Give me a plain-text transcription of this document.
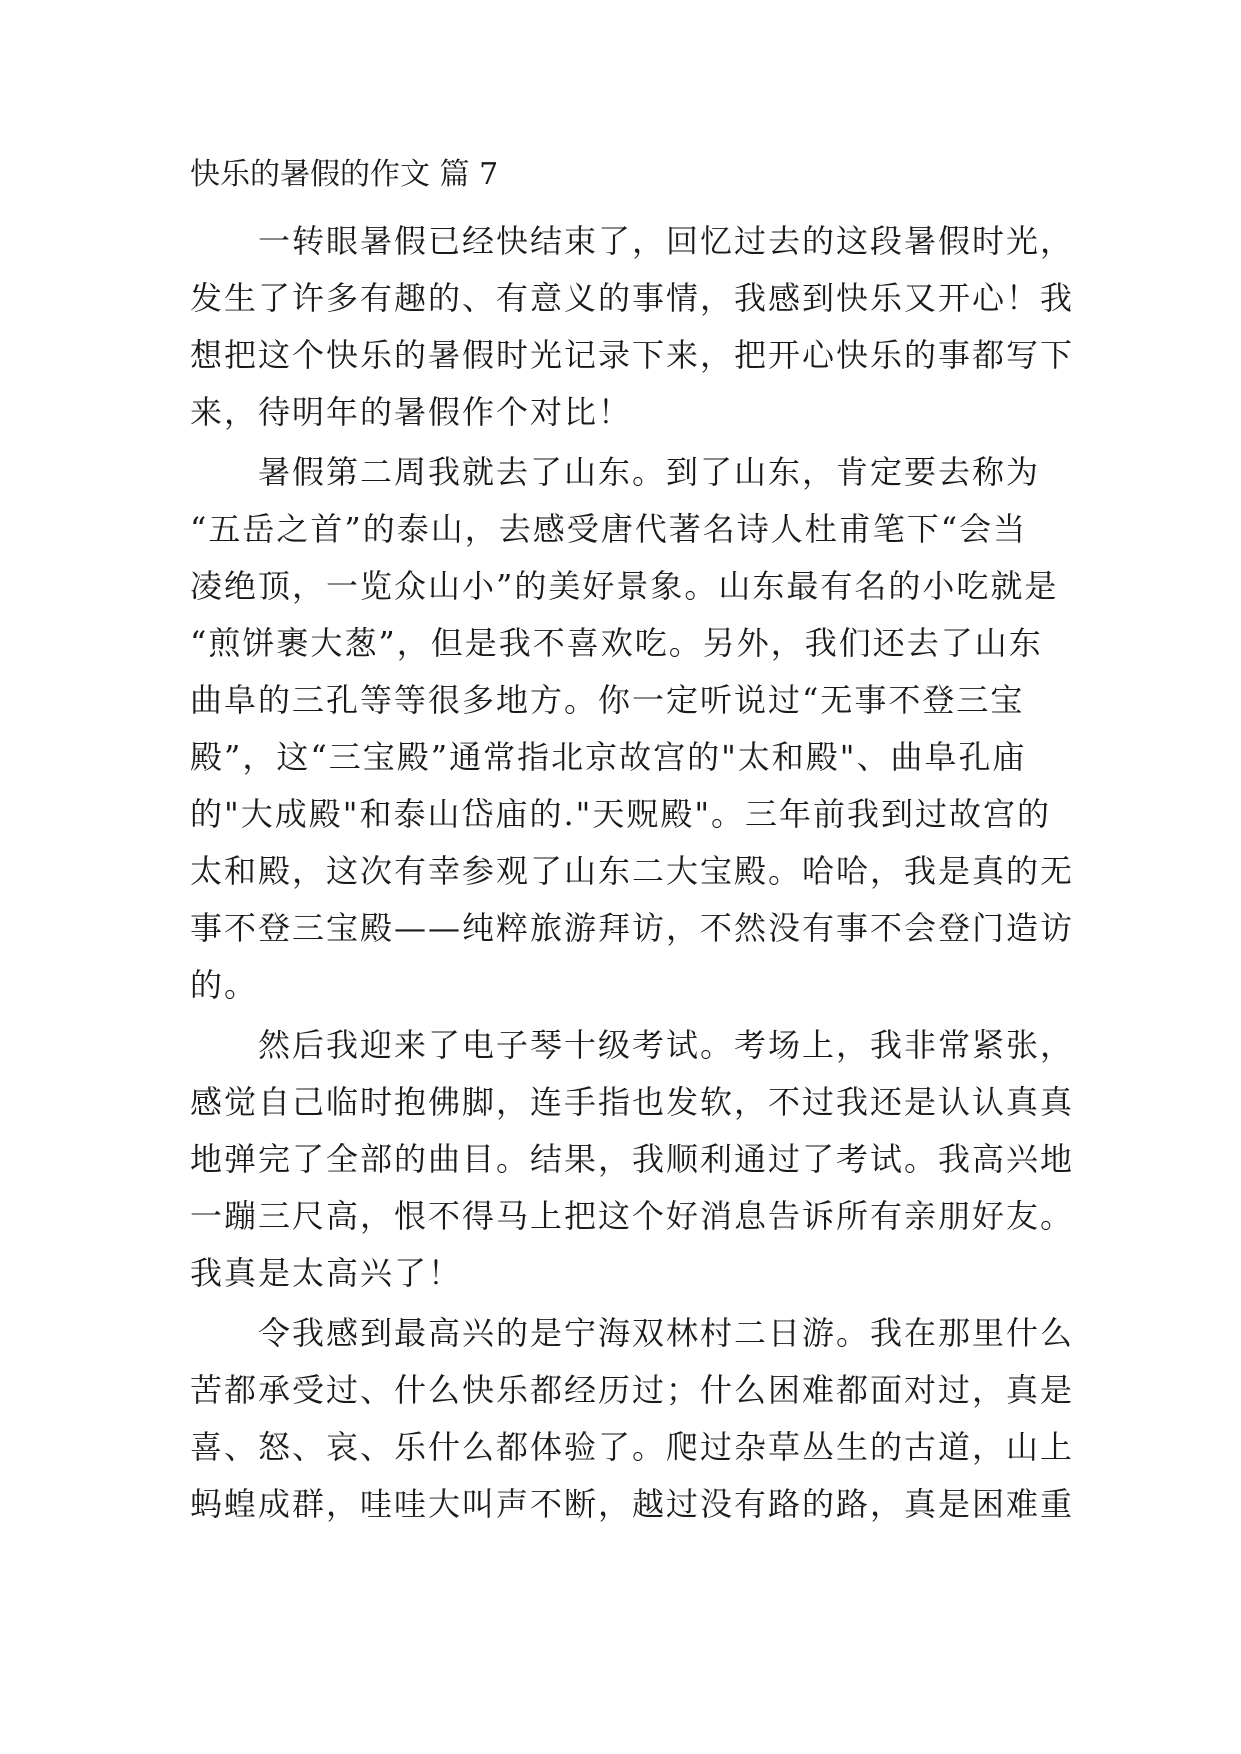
快乐的暑假的作文 篇 7
一转眼暑假已经快结束了，回忆过去的这段暑假时光，
发生了许多有趣的、有意义的事情，我感到快乐又开心！我
想把这个快乐的暑假时光记录下来，把开心快乐的事都写下
来，待明年的暑假作个对比！
暑假第二周我就去了山东。到了山东，肯定要去称为
“五岳之首”的泰山，去感受唐代著名诗人杜甫笔下“会当
凌绝顶，一览众山小”的美好景象。山东最有名的小吃就是
“煎饼裹大葱”，但是我不喜欢吃。另外，我们还去了山东
曲阜的三孔等等很多地方。你一定听说过“无事不登三宝
殿”，这“三宝殿”通常指北京故宫的"太和殿"、曲阜孔庙
的"大成殿"和泰山岱庙的."天贶殿"。三年前我到过故宫的
太和殿，这次有幸参观了山东二大宝殿。哈哈，我是真的无
事不登三宝殿——纯粹旅游拜访，不然没有事不会登门造访
的。
然后我迎来了电子琴十级考试。考场上，我非常紧张，
感觉自己临时抱佛脚，连手指也发软，不过我还是认认真真
地弹完了全部的曲目。结果，我顺利通过了考试。我高兴地
一蹦三尺高，恨不得马上把这个好消息告诉所有亲朋好友。
我真是太高兴了！
令我感到最高兴的是宁海双林村二日游。我在那里什么
苦都承受过、什么快乐都经历过；什么困难都面对过，真是
喜、怒、哀、乐什么都体验了。爬过杂草丛生的古道，山上
蚂蝗成群，哇哇大叫声不断，越过没有路的路，真是困难重
